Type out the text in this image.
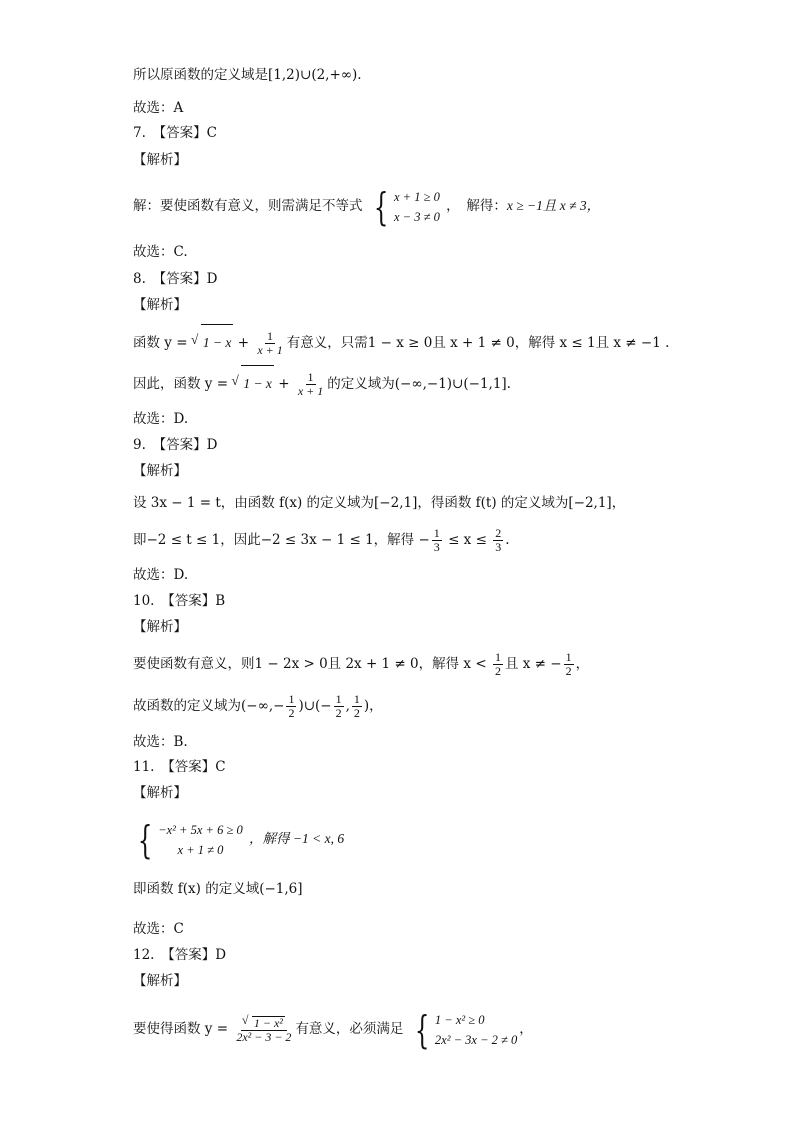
所以原函数的定义域是[1,2)∪(2,+∞).
故选：A
7.　【答案】C
【解析】
解：要使函数有意义，则需满足不等式 { x + 1 ≥ 0
x − 3 ≠ 0
，　解得：x ≥ −1且 x ≠ 3，
故选：C.
8.　【答案】D
【解析】
函数 y = √ $1 - x + \frac{1}{x + 1}$ 有意义，只需1 − x ≥ 0且 x + 1 ≠ 0，解得 x ≤ 1且 x ≠ −1 .
因此，函数 y = √ $1 - x + \frac{1}{x + 1}$ 的定义域为(−∞,−1)∪(−1,1].
故选：D.
9.　【答案】D
【解析】
设 3x − 1 = t，由函数 f(x) 的定义域为[−2,1]，得函数 f(t) 的定义域为[−2,1]，
即−2 ≤ t ≤ 1，因此−2 ≤ 3x − 1 ≤ 1，解得 − $\frac{1}{3} \le x \le \frac{2}{3}$ .
故选：D.
10.　【答案】B
【解析】
要使函数有意义，则1 − 2x > 0且 2x + 1 ≠ 0，解得 $x < \frac{1}{2}$ 且 x ≠ − $\frac{1}{2}$ ，
故函数的定义域为(−∞,− $\frac{1}{2}$ )∪(− $\frac{1}{2}$ , $\frac{1}{2}$ )，
故选：B.
11.　【答案】C
【解析】
{ −x² + 5x + 6 ≥ 0
x + 1 ≠ 0
，解得 −1 < x, 6
即函数 f(x) 的定义域(−1,6]
故选：C
12.　【答案】D
【解析】
要使得函数 y =
√ $\frac{\text{1 − x²}}{\text{2x² − 3 − 2}}$ 有意义，必须满足 { 1 − x² ≥ 0
2x² − 3x − 2 ≠ 0
，
